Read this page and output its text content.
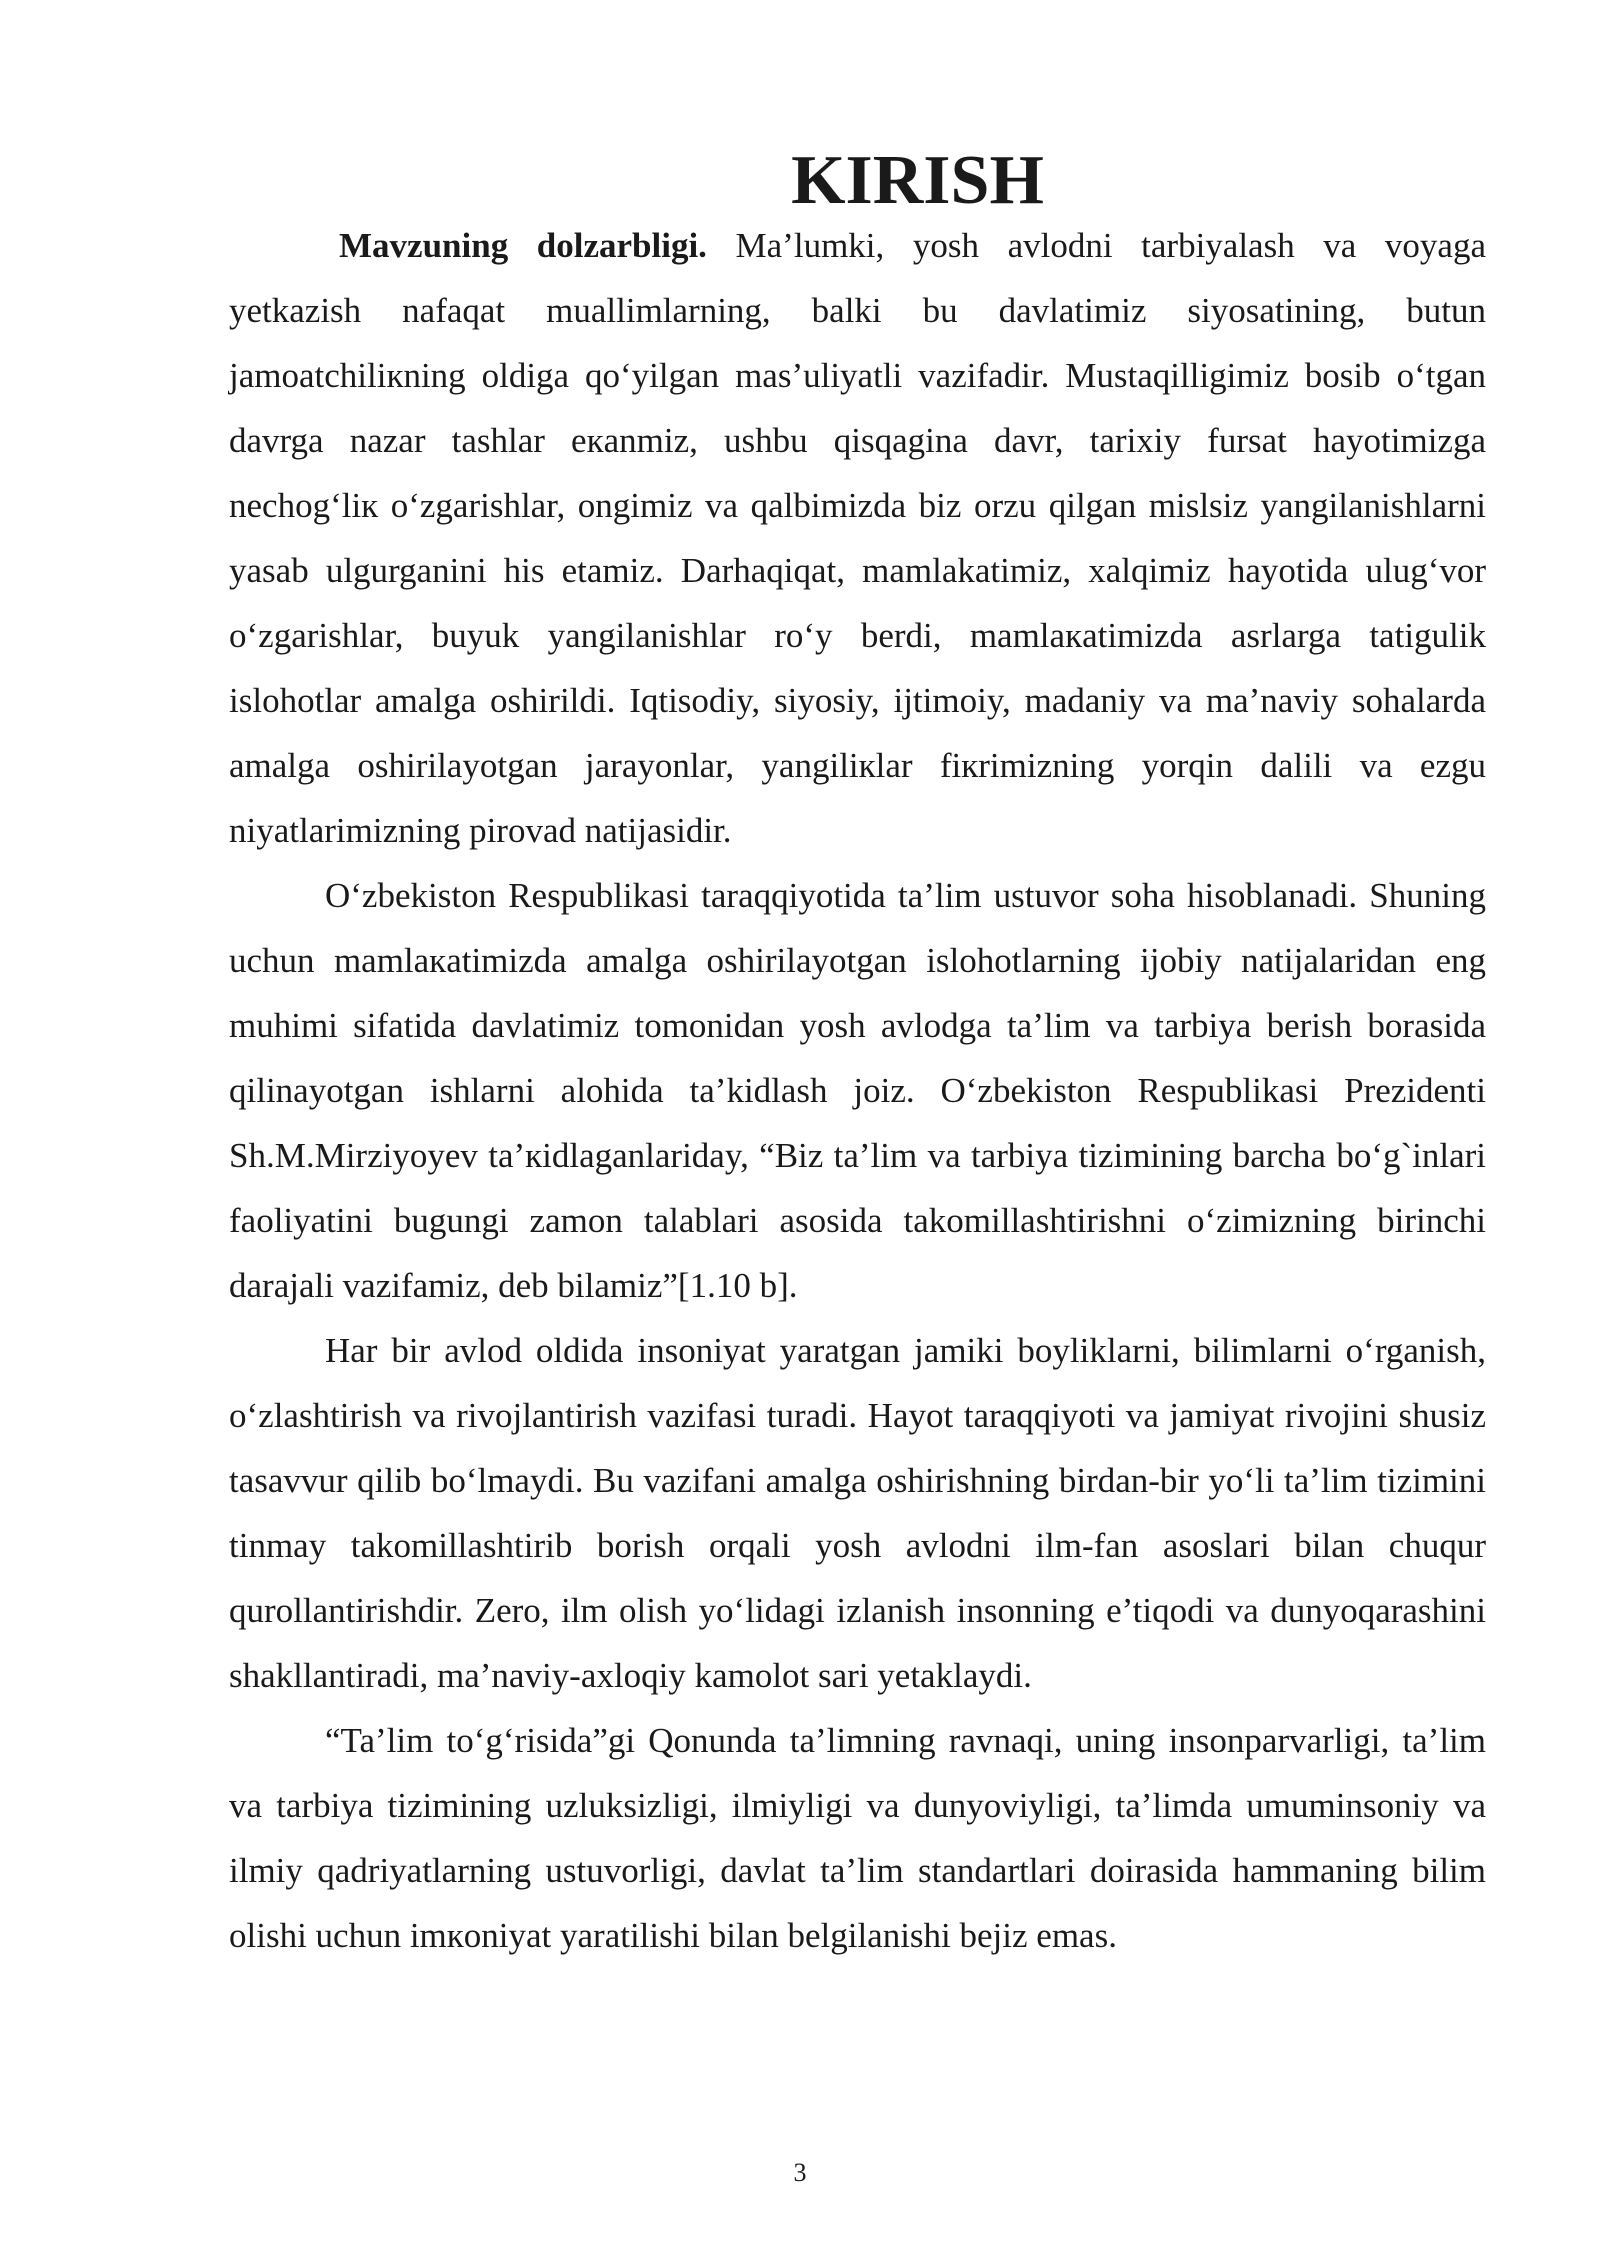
KIRISH

Mavzuning dolzarbligi. Ma’lumki, yosh avlodni tarbiyalash va voyaga yetkazish nafaqat muallimlarning, balki bu davlatimiz siyosatining, butun jamoatchiliкning oldiga qo‘yilgan mas’uliyatli vazifadir. Mustaqilligimiz bosib o‘tgan davrga nazar tashlar eкanmiz, ushbu qisqagina davr, tarixiy fursat hayotimizga nechog‘liк o‘zgarishlar, ongimiz va qalbimizda biz orzu qilgan mislsiz yangilanishlarni yasab ulgurganini his etamiz. Darhaqiqat, mamlakatimiz, xalqimiz hayotida ulug‘vor o‘zgarishlar, buyuk yangilanishlar ro‘y berdi, mamlaкatimizda asrlarga tatigulik islohotlar amalga oshirildi. Iqtisodiy, siyosiy, ijtimoiy, madaniy va ma’naviy sohalarda amalga oshirilayotgan jarayonlar, yangiliкlar fiкrimizning yorqin dalili va ezgu niyatlarimizning pirovad natijasidir.

O‘zbekiston Respublikasi taraqqiyotida ta’lim ustuvor soha hisoblanadi. Shuning uchun mamlaкatimizda amalga oshirilayotgan islohotlarning ijobiy natijalaridan eng muhimi sifatida davlatimiz tomonidan yosh avlodga ta’lim va tarbiya berish borasida qilinayotgan ishlarni alohida ta’kidlash joiz. O‘zbekiston Respublikasi Prezidenti Sh.M.Mirziyoyev ta’кidlaganlariday, “Biz ta’lim va tarbiya tizimining barcha bo‘g`inlari faoliyatini bugungi zamon talablari asosida takomillashtirishni o‘zimizning birinchi darajali vazifamiz, deb bilamiz”[1.10 b].

Har bir avlod oldida insoniyat yaratgan jamiki boyliklarni, bilimlarni o‘rganish, o‘zlashtirish va rivojlantirish vazifasi turadi. Hayot taraqqiyoti va jamiyat rivojini shusiz tasavvur qilib bo‘lmaydi. Bu vazifani amalga oshirishning birdan-bir yo‘li ta’lim tizimini tinmay takomillashtirib borish orqali yosh avlodni ilm-fan asoslari bilan chuqur qurollantirishdir. Zero, ilm olish yo‘lidagi izlanish insonning e’tiqodi va dunyoqarashini shakllantiradi, ma’naviy-axloqiy kamolot sari yetaklaydi.

“Ta’lim to‘g‘risida”gi Qonunda ta’limning ravnaqi, uning insonparvarligi, ta’lim va tarbiya tizimining uzluksizligi, ilmiyligi va dunyoviyligi, ta’limda umuminsoniy va ilmiy qadriyatlarning ustuvorligi, davlat ta’lim standartlari doirasida hammaning bilim olishi uchun imкoniyat yaratilishi bilan belgilanishi bejiz emas.

3
